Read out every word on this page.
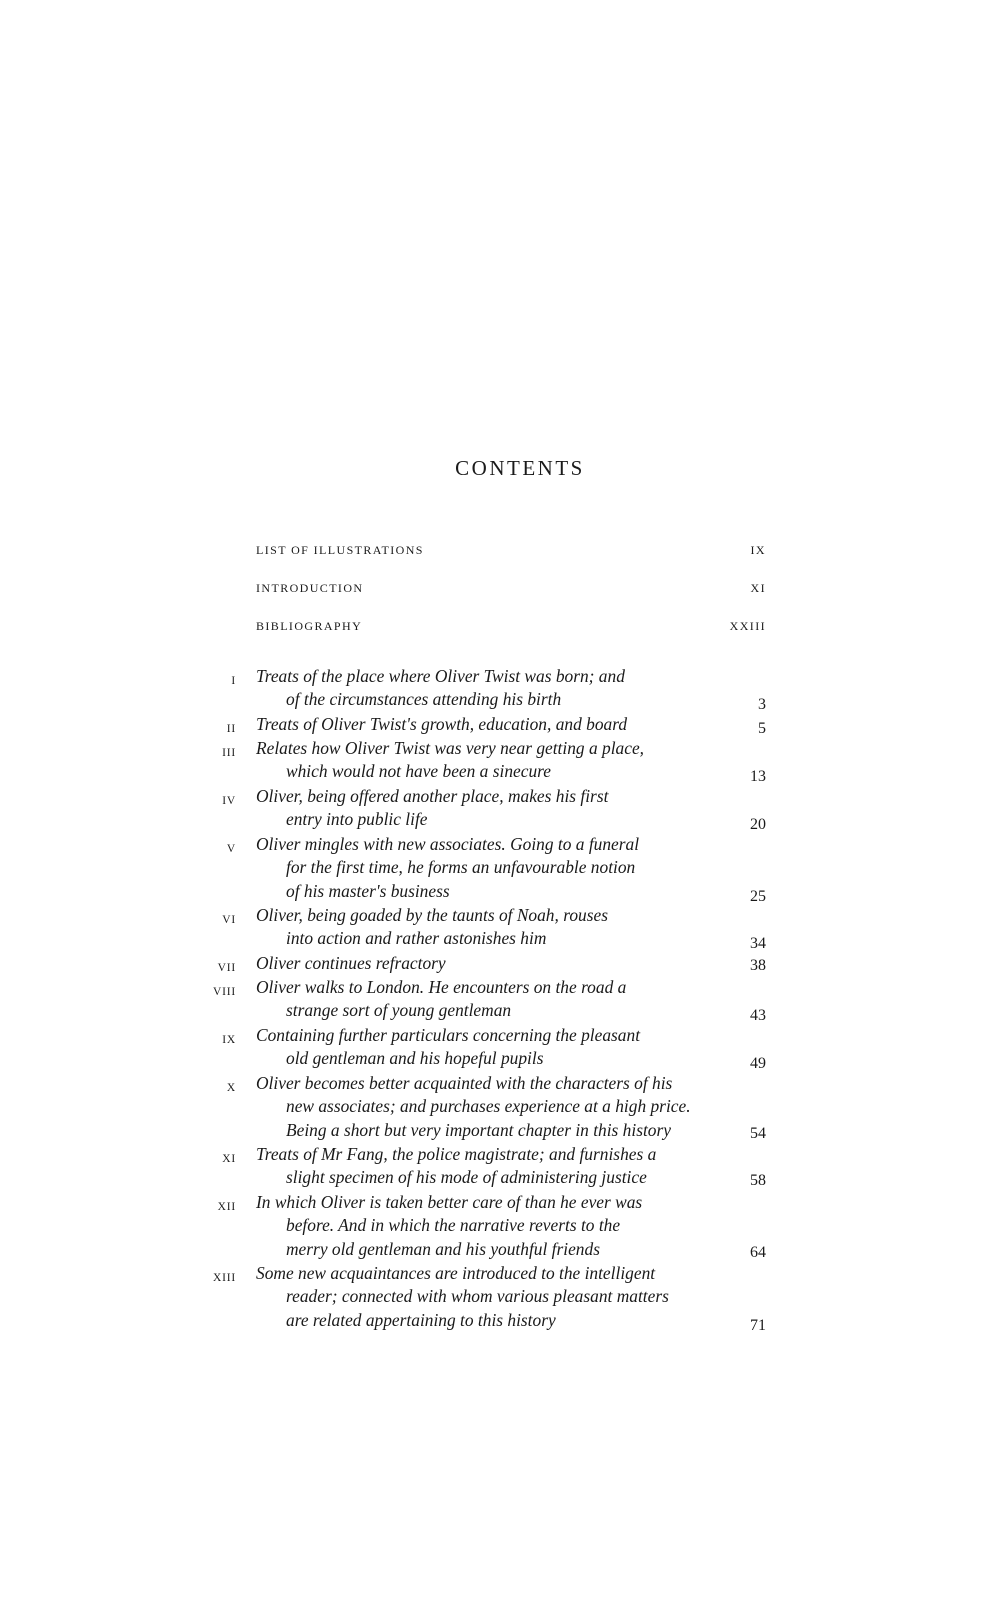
CONTENTS
LIST OF ILLUSTRATIONS	IX
INTRODUCTION	XI
BIBLIOGRAPHY	XXIII
I Treats of the place where Oliver Twist was born; and
of the circumstances attending his birth	3
II Treats of Oliver Twist's growth, education, and board	5
III Relates how Oliver Twist was very near getting a place,
which would not have been a sinecure	13
IV Oliver, being offered another place, makes his first
entry into public life	20
V Oliver mingles with new associates. Going to a funeral
for the first time, he forms an unfavourable notion
of his master's business	25
VI Oliver, being goaded by the taunts of Noah, rouses
into action and rather astonishes him	34
VII Oliver continues refractory	38
VIII Oliver walks to London. He encounters on the road a
strange sort of young gentleman	43
IX Containing further particulars concerning the pleasant
old gentleman and his hopeful pupils	49
X Oliver becomes better acquainted with the characters of his
new associates; and purchases experience at a high price.
Being a short but very important chapter in this history	54
XI Treats of Mr Fang, the police magistrate; and furnishes a
slight specimen of his mode of administering justice	58
XII In which Oliver is taken better care of than he ever was
before. And in which the narrative reverts to the
merry old gentleman and his youthful friends	64
XIII Some new acquaintances are introduced to the intelligent
reader; connected with whom various pleasant matters
are related appertaining to this history	71
